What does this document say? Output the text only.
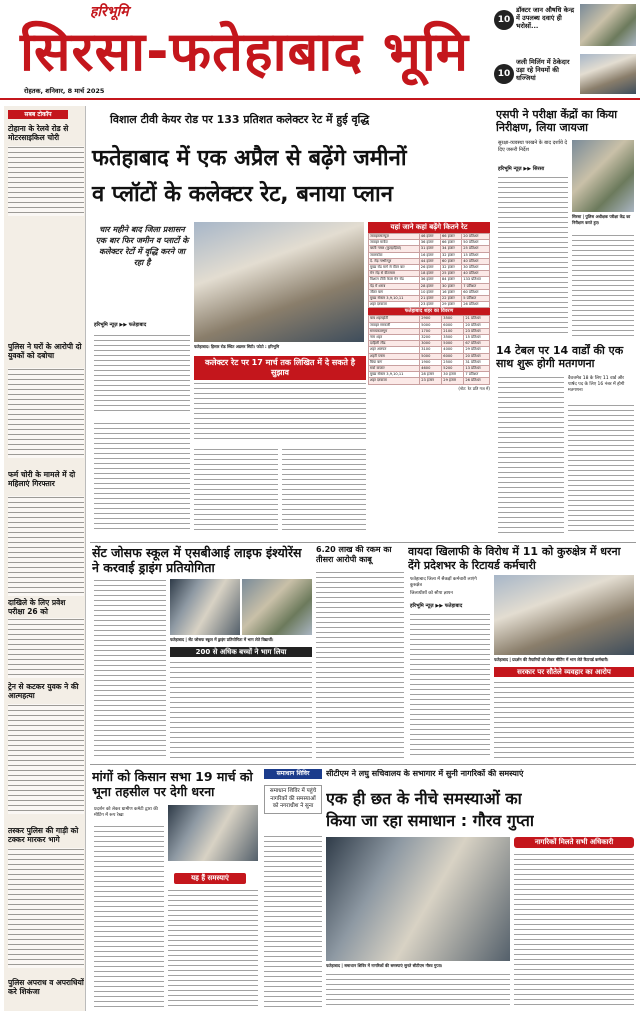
हरिभूमि
सिरसा-फतेहाबाद भूमि
रोहतक, शनिवार, 8 मार्च 2025
10
डॉक्टर जान औषधि केन्द्र में उपलब्ध दवाएं ही भरोसों...
10
जली मिलिंग में ठेकेदार उड़ा रहे नियमों की धज्जियां
सबब टोकॉप
टोहाना के रेलवे रोड से मोटरसाइकिल चोरी
पुलिस ने घरों के आरोपी दो युवकों को दबोचा
फर्म चोरी के मामले में दो महिलाएं गिरफ्तार
दाखिले के लिए प्रवेश परीक्षा 26 को
ट्रेन से कटकर युवक ने की आत्महत्या
तस्कर पुलिस की गाड़ी को टक्कर मारकर भागे
पुलिस अपराध व अपराधियों करे शिकंजा
विशाल टीवी केयर रोड पर 133 प्रतिशत कलेक्टर रेट में हुई वृद्धि
फतेहाबाद में एक अप्रैल से बढ़ेंगे जमीनों
व प्लॉटों के कलेक्टर रेट, बनाया प्लान
चार महीने बाद जिला प्रशासन एक बार फिर जमीन व प्लाटों के कलेक्टर रेटों में वृद्धि करने जा रहा है
हरिभूमि न्यूज़ ▶▶ फतेहाबाद
फतेहाबाद। हिसार रोड स्थित अग्रसर सिटी। फोटो : हरिभूमि
कलेक्टर रेट पर 17 मार्च तक लिखित में दे सकते है सुझाव
यहां जाने कहां बढ़ेंगे कितने रेट
जवाहरलाल्यूज़	46 हजार	66 हजार	20 प्रतिशत
जवाहर मार्केट	36 हजार	66 हजार	50 प्रतिशत
बस्ती नम्बर (कुल्हाड़ियां)	31 हजार	34 हजार	25 प्रतिशत
जालकोटा	16 हजार	32 हजार	15 प्रतिशत
दे. रोड़ गम्भीरपुर	44 हजार	60 हजार	40 प्रतिशत
मुख्य रोड मार्ग से वीटर बार	26 हजार	32 हजार	30 प्रतिशत
मेन रोड़ से वीटरबार	18 हजार	25 हजार	40 प्रतिशत
विशाल टीवी केयर मेन रोड	36 हजार	84 हजार	133 प्रतिशत
पेड़ में शराब	28 हजार	30 हजार	7 प्रतिशत
जीटर बाग	10 हजार	16 हजार	60 प्रतिशत
मुख्य सेक्टर 3,9,10,11	21 हजार	22 हजार	5 प्रतिशत
शहर दरवाजा	23 हजार	29 हजार	26 प्रतिशत
फतेहाबाद शहर का विवरण
बाब शहनहोटी	2900	3500	21 प्रतिशत
जवाहर सरकारी	5000	6000	20 प्रतिशत
सरायकालगुम	1700	2100	23 प्रतिशत
नाम शहर	3200	3500	15 प्रतिशत
दाहिली लीड	3000	5000	67 प्रतिशत
शहर अलफर	3100	4000	29 प्रतिशत
शहरी प्लास	5000	6000	20 प्रतिशत
बिया बाग	1900	2500	31 प्रतिशत
सर्वा बाजार	4600	5200	13 प्रतिशत
मुख्य सेक्टर 3,9,10,11	28 हजार	30 हजार	7 प्रतिशत
शहर दरवाजा	23 हजार	29 हजार	26 प्रतिशत
(नोट: रेट प्रति गज में)
एसपी ने परीक्षा केंद्रों का किया निरीक्षण, लिया जायजा
सुरक्षा-व्यवस्था परखने के बाद दर्शाये दे दिए जरूरी निर्देश
हरिभूमि न्यूज़ ▶▶ सिरसा
सिरसा | पुलिस अधीक्षक परीक्षा केंद्र का निरीक्षण करते हुए।
14 टेबल पर 14 वार्डों की एक साथ शुरू होगी मतगणना
वैवत्तमेव 18 के लिए 11 वार्ड और पार्षद पद के लिए 16 नंबर में होगी मतगणना
सेंट जोसफ स्कूल में एसबीआई लाइफ इंश्योरेंस ने करवाई ड्राइंग प्रतियोगिता
फतेहाबाद | सेंट जोसफ स्कूल में ड्राइंग प्रतियोगिता में भाग लेते विद्यार्थी।
200 से अधिक बच्चों ने भाग लिया
6.20 लाख की रकम का तीसरा आरोपी काबू
वायदा खिलाफी के विरोध में 11 को कुरुक्षेत्र में धरना देंगे प्रदेशभर के रिटायर्ड कर्मचारी
फतेहाबाद जिला में सैकड़ों कर्मचारी लाएंगे कुरुक्षेत्र
जिलाधीशों को सौपा ज्ञापन
हरिभूमि न्यूज़ ▶▶ फतेहाबाद
फतेहाबाद | प्रदर्शन की तैयारियों को लेकर मीटिंग में भाग लेते रिटायर्ड कर्मचारी।
सरकार पर सौतेले व्यवहार का आरोप
मांगों को किसान सभा 19 मार्च को भूना तहसील पर देगी धरना
प्रदर्शन को लेकर ग्रामीण कमेटी द्वारा की मीटिंग में रूप रेखा
यह हैं समस्याएं
समाधान शिविर	सीटीएम ने लघु सचिवालय के सभागार में सुनी नागरिकों की समस्याएं
समाधान शिविर में पहुंचे नागरिकों की समस्याओं को नगराधीश ने सुना एक ही छत के नीचे समस्याओं का
किया जा रहा समाधान : गौरव गुप्ता
फतेहाबाद | समाधान शिविर में नागरिकों की समस्याएं सुनते सीटीएम गौरव गुप्ता।
नागरिकों मिलते सभी अधिकारी
